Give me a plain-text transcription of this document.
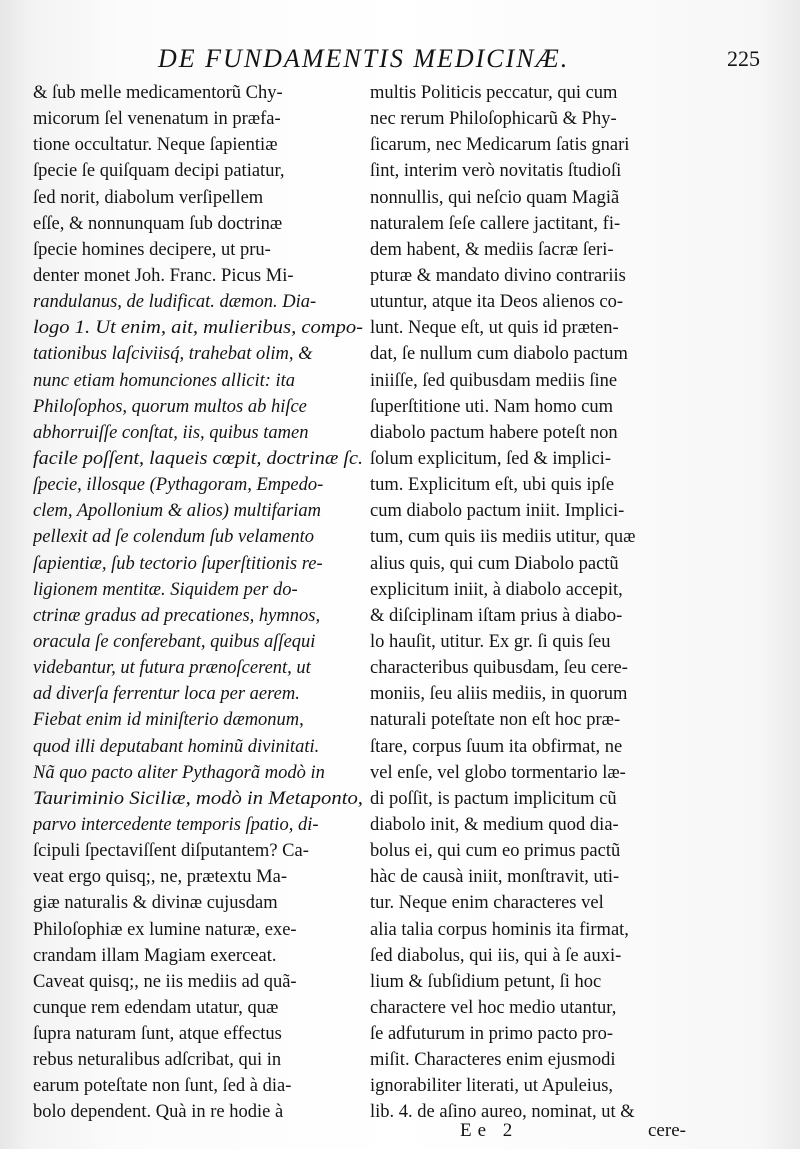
DE FUNDAMENTIS MEDICINÆ.	225
& ſub melle medicamentorũ Chy-
micorum ſel venenatum in præfa-
tione occultatur. Neque ſapientiæ
ſpecie ſe quiſquam decipi patiatur,
ſed norit, diabolum verſipellem
eſſe, & nonnunquam ſub doctrinæ
ſpecie homines decipere, ut pru-
denter monet Joh. Franc. Picus Mi-
randulanus, de ludificat. dæmon. Dia-
logo 1. Ut enim, ait, mulieribus, compo-
tationibus laſciviisq́, trahebat olim, &
nunc etiam homunciones allicit: ita
Philoſophos, quorum multos ab hiſce
abhorruiſſe conſtat, iis, quibus tamen
facile poſſent, laqueis cœpit, doctrinæ ſc.
ſpecie, illosque (Pythagoram, Empedo-
clem, Apollonium & alios) multifariam
pellexit ad ſe colendum ſub velamento
ſapientiæ, ſub tectorio ſuperſtitionis re-
ligionem mentitæ. Siquidem per do-
ctrinæ gradus ad precationes, hymnos,
oracula ſe conferebant, quibus aſſequi
videbantur, ut futura prænoſcerent, ut
ad diverſa ferrentur loca per aerem.
Fiebat enim id miniſterio dæmonum,
quod illi deputabant hominũ divinitati.
Nã quo pacto aliter Pythagorã modò in
Tauriminio Siciliæ, modò in Metaponto,
parvo intercedente temporis ſpatio, di-
ſcipuli ſpectaviſſent diſputantem? Ca-
veat ergo quisq;, ne, prætextu Ma-
giæ naturalis & divinæ cujusdam
Philoſophiæ ex lumine naturæ, exe-
crandam illam Magiam exerceat.
Caveat quisq;, ne iis mediis ad quã-
cunque rem edendam utatur, quæ
ſupra naturam ſunt, atque effectus
rebus neturalibus adſcribat, qui in
earum poteſtate non ſunt, ſed à dia-
bolo dependent. Quà in re hodie à
multis Politicis peccatur, qui cum
nec rerum Philoſophicarũ & Phy-
ſicarum, nec Medicarum ſatis gnari
ſint, interim verò novitatis ſtudioſi
nonnullis, qui neſcio quam Magiã
naturalem ſeſe callere jactitant, fi-
dem habent, & mediis ſacræ ſeri-
pturæ & mandato divino contrariis
utuntur, atque ita Deos alienos co-
lunt. Neque eſt, ut quis id præten-
dat, ſe nullum cum diabolo pactum
iniiſſe, ſed quibusdam mediis ſine
ſuperſtitione uti. Nam homo cum
diabolo pactum habere poteſt non
ſolum explicitum, ſed & implici-
tum. Explicitum eſt, ubi quis ipſe
cum diabolo pactum iniit. Implici-
tum, cum quis iis mediis utitur, quæ
alius quis, qui cum Diabolo pactũ
explicitum iniit, à diabolo accepit,
& diſciplinam iſtam prius à diabo-
lo hauſit, utitur. Ex gr. ſi quis ſeu
characteribus quibusdam, ſeu cere-
moniis, ſeu aliis mediis, in quorum
naturali poteſtate non eſt hoc præ-
ſtare, corpus ſuum ita obfirmat, ne
vel enſe, vel globo tormentario læ-
di poſſit, is pactum implicitum cũ
diabolo init, & medium quod dia-
bolus ei, qui cum eo primus pactũ
hàc de causà iniit, monſtravit, uti-
tur. Neque enim characteres vel
alia talia corpus hominis ita firmat,
ſed diabolus, qui iis, qui à ſe auxi-
lium & ſubſidium petunt, ſi hoc
charactere vel hoc medio utantur,
ſe adfuturum in primo pacto pro-
miſit. Characteres enim ejusmodi
ignorabiliter literati, ut Apuleius,
lib. 4. de aſino aureo, nominat, ut &
Ee 2	cere-
